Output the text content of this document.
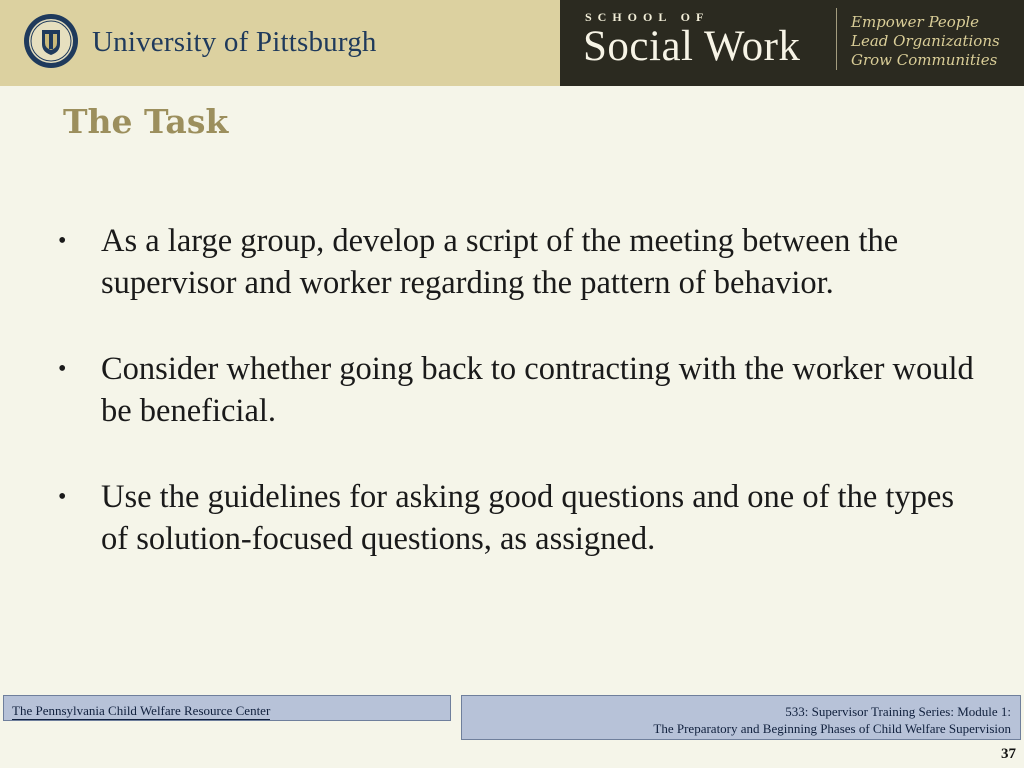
University of Pittsburgh
SCHOOL OF
Social Work
Empower People
Lead Organizations
Grow Communities
The Task
• As a large group, develop a script of the meeting between the supervisor and worker regarding the pattern of behavior.
• Consider whether going back to contracting with the worker would be beneficial.
• Use the guidelines for asking good questions and one of the types of solution-focused questions, as assigned.
The Pennsylvania Child Welfare Resource Center	533: Supervisor Training Series: Module 1:
The Preparatory and Beginning Phases of Child Welfare Supervision
37
